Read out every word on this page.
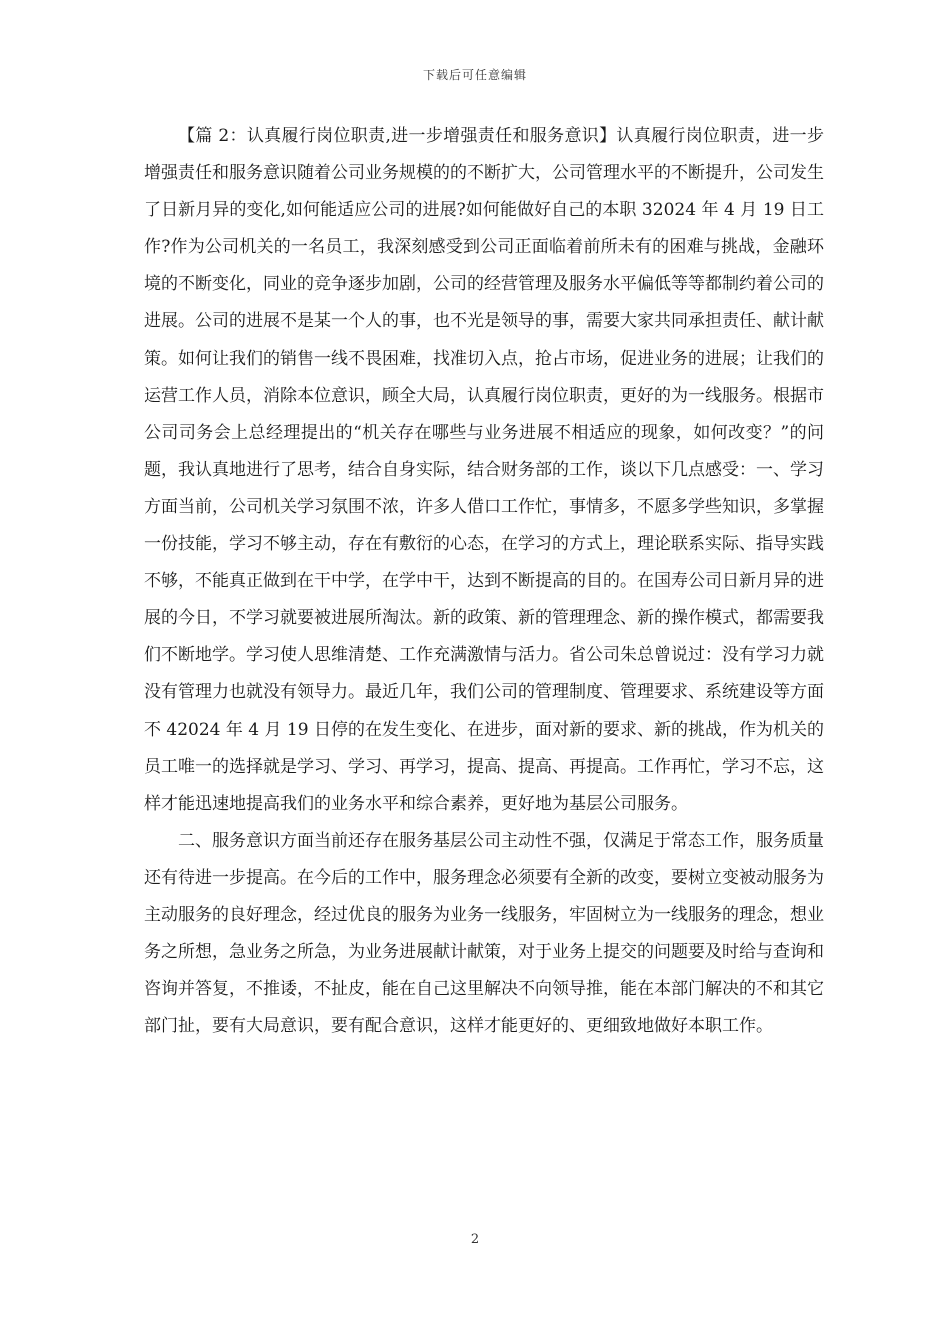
下载后可任意编辑

【篇 2：认真履行岗位职责,进一步增强责任和服务意识】认真履行岗位职责，进一步增强责任和服务意识随着公司业务规模的的不断扩大，公司管理水平的不断提升，公司发生了日新月异的变化,如何能适应公司的进展?如何能做好自己的本职 32024 年 4 月 19 日工作?作为公司机关的一名员工，我深刻感受到公司正面临着前所未有的困难与挑战，金融环境的不断变化，同业的竞争逐步加剧，公司的经营管理及服务水平偏低等等都制约着公司的进展。公司的进展不是某一个人的事，也不光是领导的事，需要大家共同承担责任、献计献策。如何让我们的销售一线不畏困难，找准切入点，抢占市场，促进业务的进展；让我们的运营工作人员，消除本位意识，顾全大局，认真履行岗位职责，更好的为一线服务。根据市公司司务会上总经理提出的“机关存在哪些与业务进展不相适应的现象，如何改变？”的问题，我认真地进行了思考，结合自身实际，结合财务部的工作，谈以下几点感受：一、学习方面当前，公司机关学习氛围不浓，许多人借口工作忙，事情多，不愿多学些知识，多掌握一份技能，学习不够主动，存在有敷衍的心态，在学习的方式上，理论联系实际、指导实践不够，不能真正做到在干中学，在学中干，达到不断提高的目的。在国寿公司日新月异的进展的今日，不学习就要被进展所淘汰。新的政策、新的管理理念、新的操作模式，都需要我们不断地学。学习使人思维清楚、工作充满激情与活力。省公司朱总曾说过：没有学习力就没有管理力也就没有领导力。最近几年，我们公司的管理制度、管理要求、系统建设等方面不 42024 年 4 月 19 日停的在发生变化、在进步，面对新的要求、新的挑战，作为机关的员工唯一的选择就是学习、学习、再学习，提高、提高、再提高。工作再忙，学习不忘，这样才能迅速地提高我们的业务水平和综合素养，更好地为基层公司服务。

二、服务意识方面当前还存在服务基层公司主动性不强，仅满足于常态工作，服务质量还有待进一步提高。在今后的工作中，服务理念必须要有全新的改变，要树立变被动服务为主动服务的良好理念，经过优良的服务为业务一线服务，牢固树立为一线服务的理念，想业务之所想，急业务之所急，为业务进展献计献策，对于业务上提交的问题要及时给与查询和咨询并答复，不推诿，不扯皮，能在自己这里解决不向领导推，能在本部门解决的不和其它部门扯，要有大局意识，要有配合意识，这样才能更好的、更细致地做好本职工作。

2
